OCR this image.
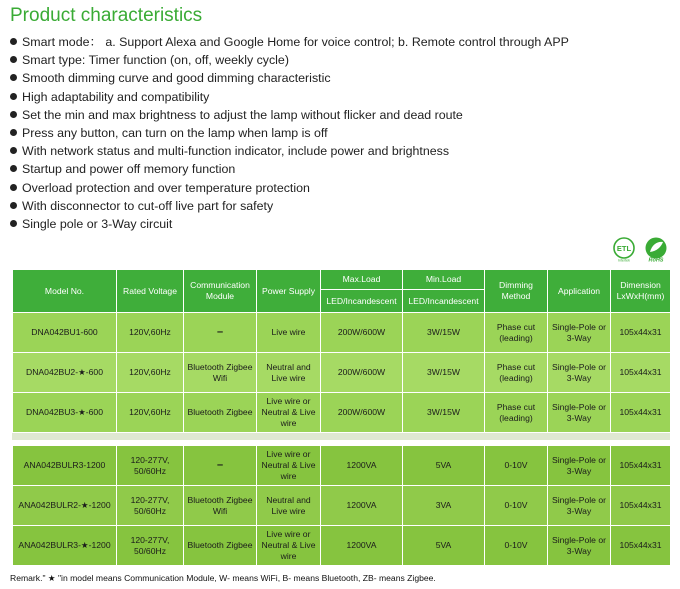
Product characteristics
Smart mode： a. Support Alexa and Google Home for voice control; b. Remote control through APP
Smart type: Timer function (on, off, weekly cycle)
Smooth dimming curve and good dimming characteristic
High adaptability and compatibility
Set the min and max brightness to adjust the lamp without flicker and dead route
Press any button, can turn on the lamp when lamp is off
With network status and multi-function indicator, include power and brightness
Startup and power off memory function
Overload protection and over temperature protection
With disconnector to cut-off live part for safety
Single pole or 3-Way circuit
ETL
Intertek	RoHS
Model No.	Rated Voltage	Communication Module	Power Supply	Max.Load	Min.Load	Dimming Method	Application	Dimension LxWxH(mm)
				LED/Incandescent	LED/Incandescent			
DNA042BU1-600	120V,60Hz	–	Live wire	200W/600W	3W/15W	Phase cut (leading)	Single-Pole or 3-Way	105x44x31
DNA042BU2-★-600	120V,60Hz	Bluetooth Zigbee Wifi	Neutral and Live wire	200W/600W	3W/15W	Phase cut (leading)	Single-Pole or 3-Way	105x44x31
DNA042BU3-★-600	120V,60Hz	Bluetooth Zigbee	Live wire or Neutral & Live wire	200W/600W	3W/15W	Phase cut (leading)	Single-Pole or 3-Way	105x44x31
ANA042BULR3-1200	120-277V, 50/60Hz	–	Live wire or Neutral & Live wire	1200VA	5VA	0-10V	Single-Pole or 3-Way	105x44x31
ANA042BULR2-★-1200	120-277V, 50/60Hz	Bluetooth Zigbee Wifi	Neutral and Live wire	1200VA	3VA	0-10V	Single-Pole or 3-Way	105x44x31
ANA042BULR3-★-1200	120-277V, 50/60Hz	Bluetooth Zigbee	Live wire or Neutral & Live wire	1200VA	5VA	0-10V	Single-Pole or 3-Way	105x44x31
Remark." ★ "in model means Communication Module, W- means WiFi, B- means Bluetooth, ZB- means Zigbee.
